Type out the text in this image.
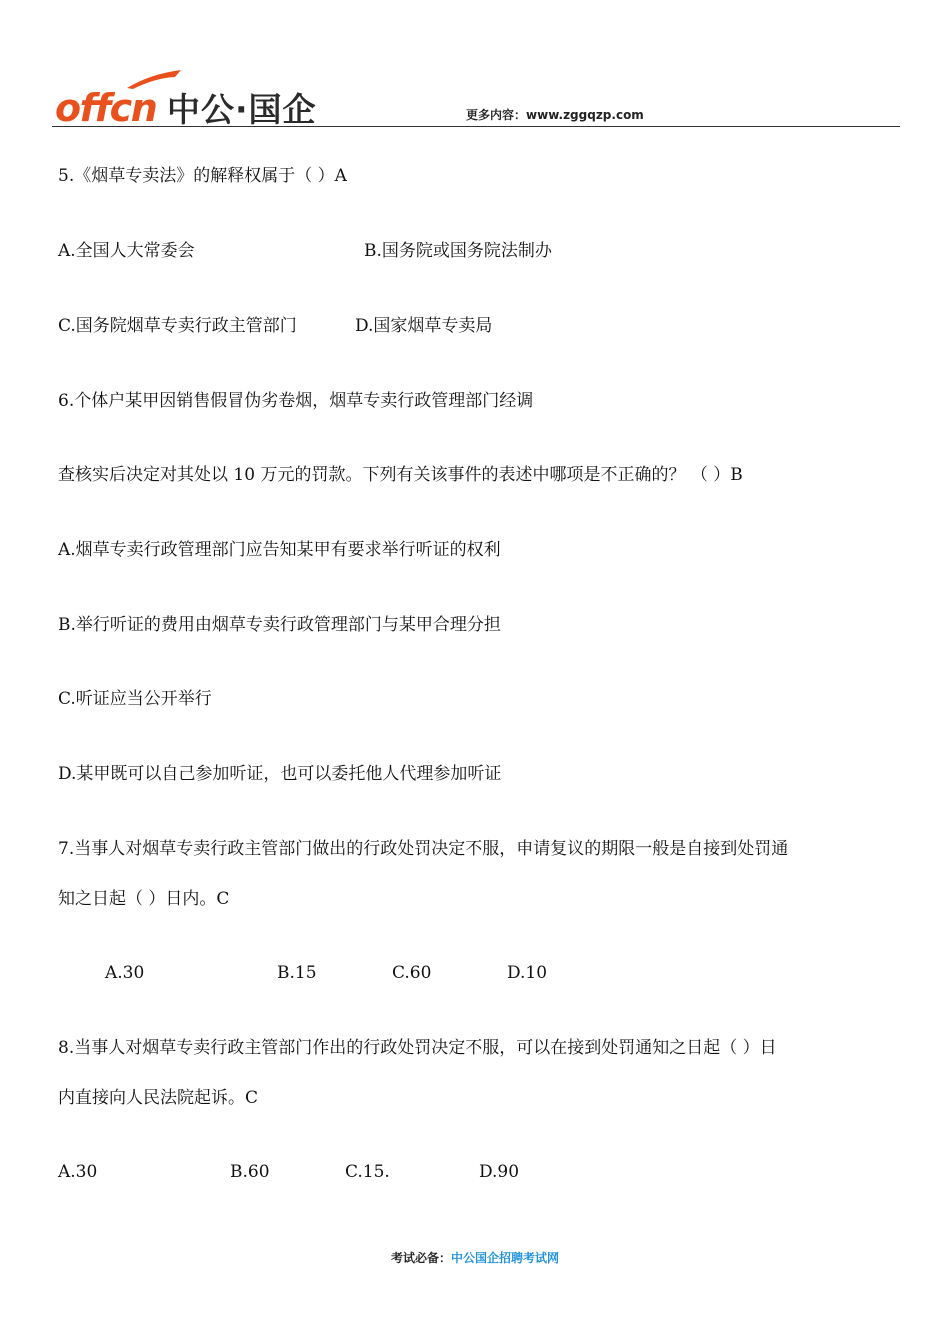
offcn 中公·国企	更多内容：www.zggqzp.com
5.《烟草专卖法》的解释权属于（ ）A
A.全国人大常委会	B.国务院或国务院法制办
C.国务院烟草专卖行政主管部门	D.国家烟草专卖局
6.个体户某甲因销售假冒伪劣卷烟，烟草专卖行政管理部门经调
查核实后决定对其处以 10 万元的罚款。下列有关该事件的表述中哪项是不正确的？ （ ）B
A.烟草专卖行政管理部门应告知某甲有要求举行听证的权利
B.举行听证的费用由烟草专卖行政管理部门与某甲合理分担
C.听证应当公开举行
D.某甲既可以自己参加听证，也可以委托他人代理参加听证
7.当事人对烟草专卖行政主管部门做出的行政处罚决定不服，申请复议的期限一般是自接到处罚通
知之日起（ ）日内。C
A.30	B.15	C.60	D.10
8.当事人对烟草专卖行政主管部门作出的行政处罚决定不服，可以在接到处罚通知之日起（ ）日
内直接向人民法院起诉。C
A.30	B.60	C.15.	D.90
考试必备：中公国企招聘考试网
